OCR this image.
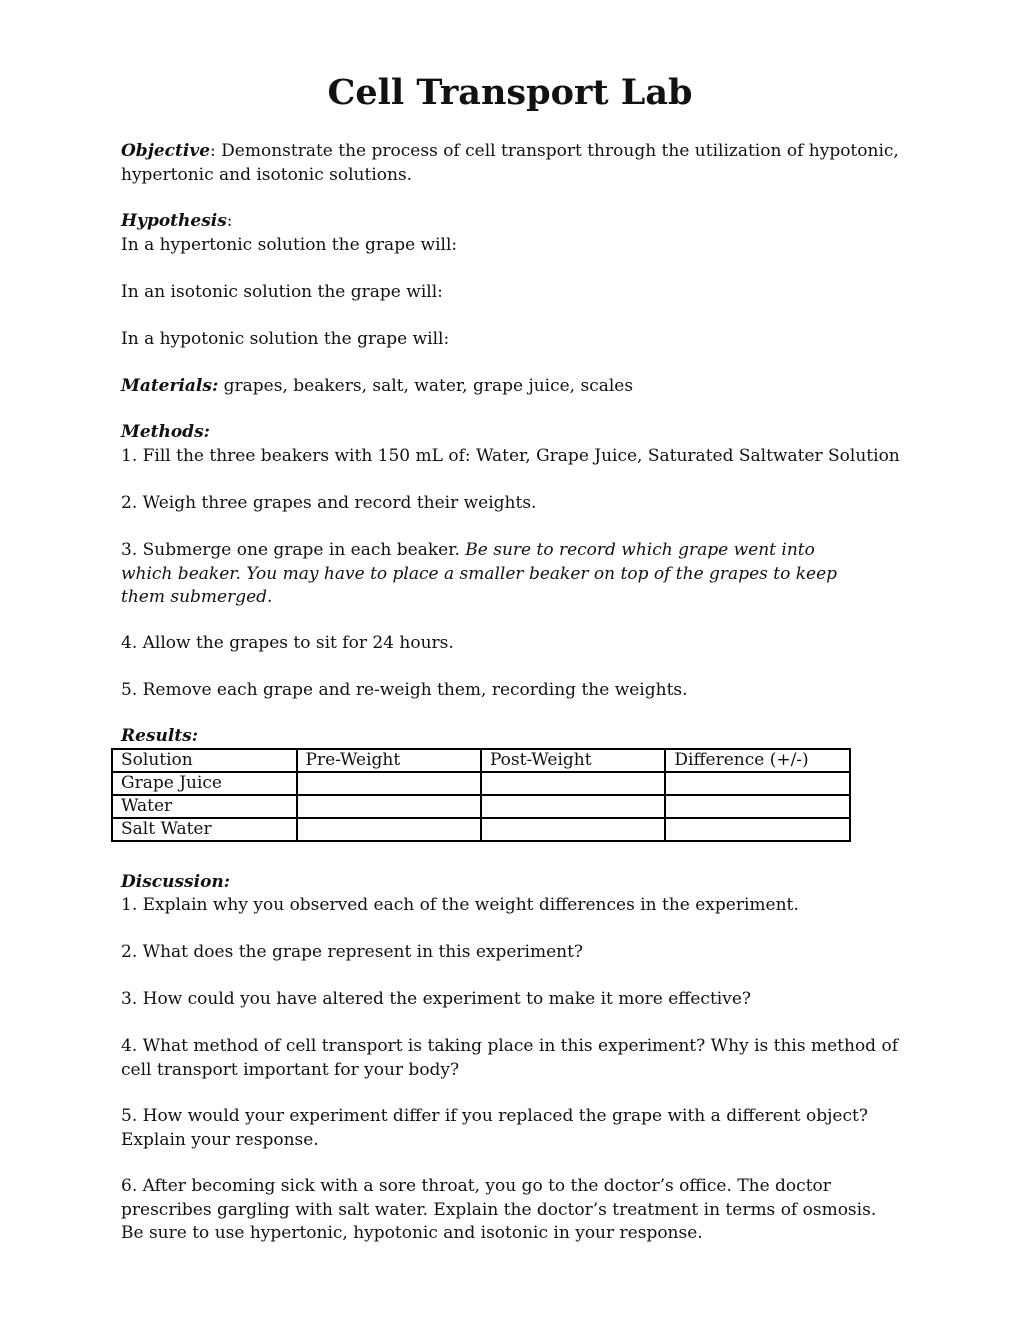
Cell Transport Lab
Objective: Demonstrate the process of cell transport through the utilization of hypotonic, hypertonic and isotonic solutions.
Hypothesis:
In a hypertonic solution the grape will:
In an isotonic solution the grape will:
In a hypotonic solution the grape will:
Materials: grapes, beakers, salt, water, grape juice, scales
Methods:
1. Fill the three beakers with 150 mL of: Water, Grape Juice, Saturated Saltwater Solution
2. Weigh three grapes and record their weights.
3. Submerge one grape in each beaker. Be sure to record which grape went into which beaker. You may have to place a smaller beaker on top of the grapes to keep them submerged.
4. Allow the grapes to sit for 24 hours.
5. Remove each grape and re-weigh them, recording the weights.
Results:
Solution	Pre-Weight	Post-Weight	Difference (+/-)
Grape Juice			
Water			
Salt Water			
Discussion:
1. Explain why you observed each of the weight differences in the experiment.
2. What does the grape represent in this experiment?
3. How could you have altered the experiment to make it more effective?
4. What method of cell transport is taking place in this experiment? Why is this method of cell transport important for your body?
5. How would your experiment differ if you replaced the grape with a different object? Explain your response.
6. After becoming sick with a sore throat, you go to the doctor’s office. The doctor prescribes gargling with salt water. Explain the doctor’s treatment in terms of osmosis. Be sure to use hypertonic, hypotonic and isotonic in your response.
